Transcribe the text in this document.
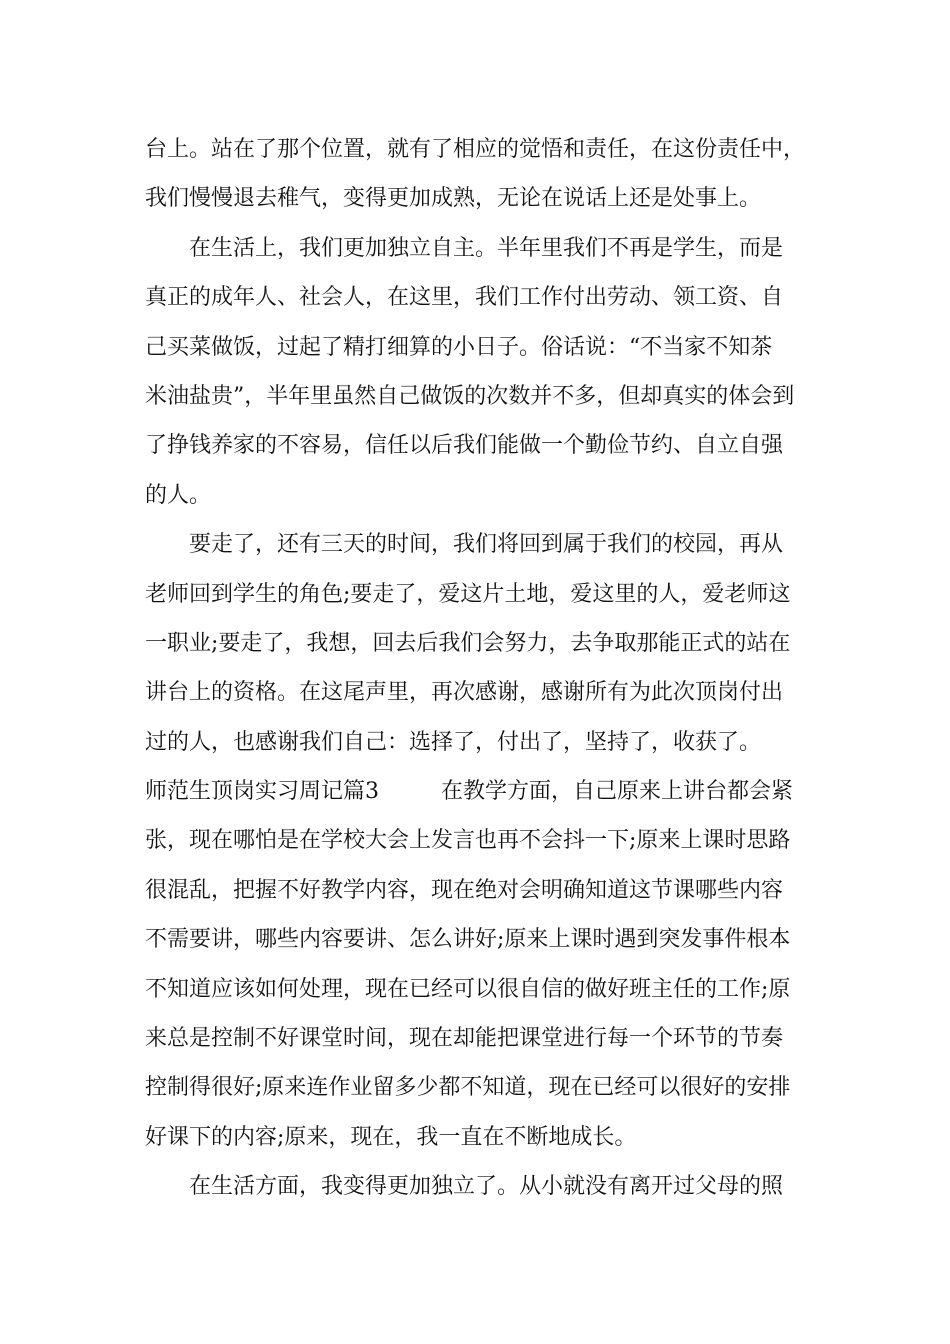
台上。站在了那个位置，就有了相应的觉悟和责任，在这份责任中，
我们慢慢退去稚气，变得更加成熟，无论在说话上还是处事上。
在生活上，我们更加独立自主。半年里我们不再是学生，而是
真正的成年人、社会人，在这里，我们工作付出劳动、领工资、自
己买菜做饭，过起了精打细算的小日子。俗话说：“不当家不知茶
米油盐贵”，半年里虽然自己做饭的次数并不多，但却真实的体会到
了挣钱养家的不容易，信任以后我们能做一个勤俭节约、自立自强
的人。
要走了，还有三天的时间，我们将回到属于我们的校园，再从
老师回到学生的角色;要走了，爱这片土地，爱这里的人，爱老师这
一职业;要走了，我想，回去后我们会努力，去争取那能正式的站在
讲台上的资格。在这尾声里，再次感谢，感谢所有为此次顶岗付出
过的人，也感谢我们自己：选择了，付出了，坚持了，收获了。
师范生顶岗实习周记篇3	在教学方面，自己原来上讲台都会紧
张，现在哪怕是在学校大会上发言也再不会抖一下;原来上课时思路
很混乱，把握不好教学内容，现在绝对会明确知道这节课哪些内容
不需要讲，哪些内容要讲、怎么讲好;原来上课时遇到突发事件根本
不知道应该如何处理，现在已经可以很自信的做好班主任的工作;原
来总是控制不好课堂时间，现在却能把课堂进行每一个环节的节奏
控制得很好;原来连作业留多少都不知道，现在已经可以很好的安排
好课下的内容;原来，现在，我一直在不断地成长。
在生活方面，我变得更加独立了。从小就没有离开过父母的照
